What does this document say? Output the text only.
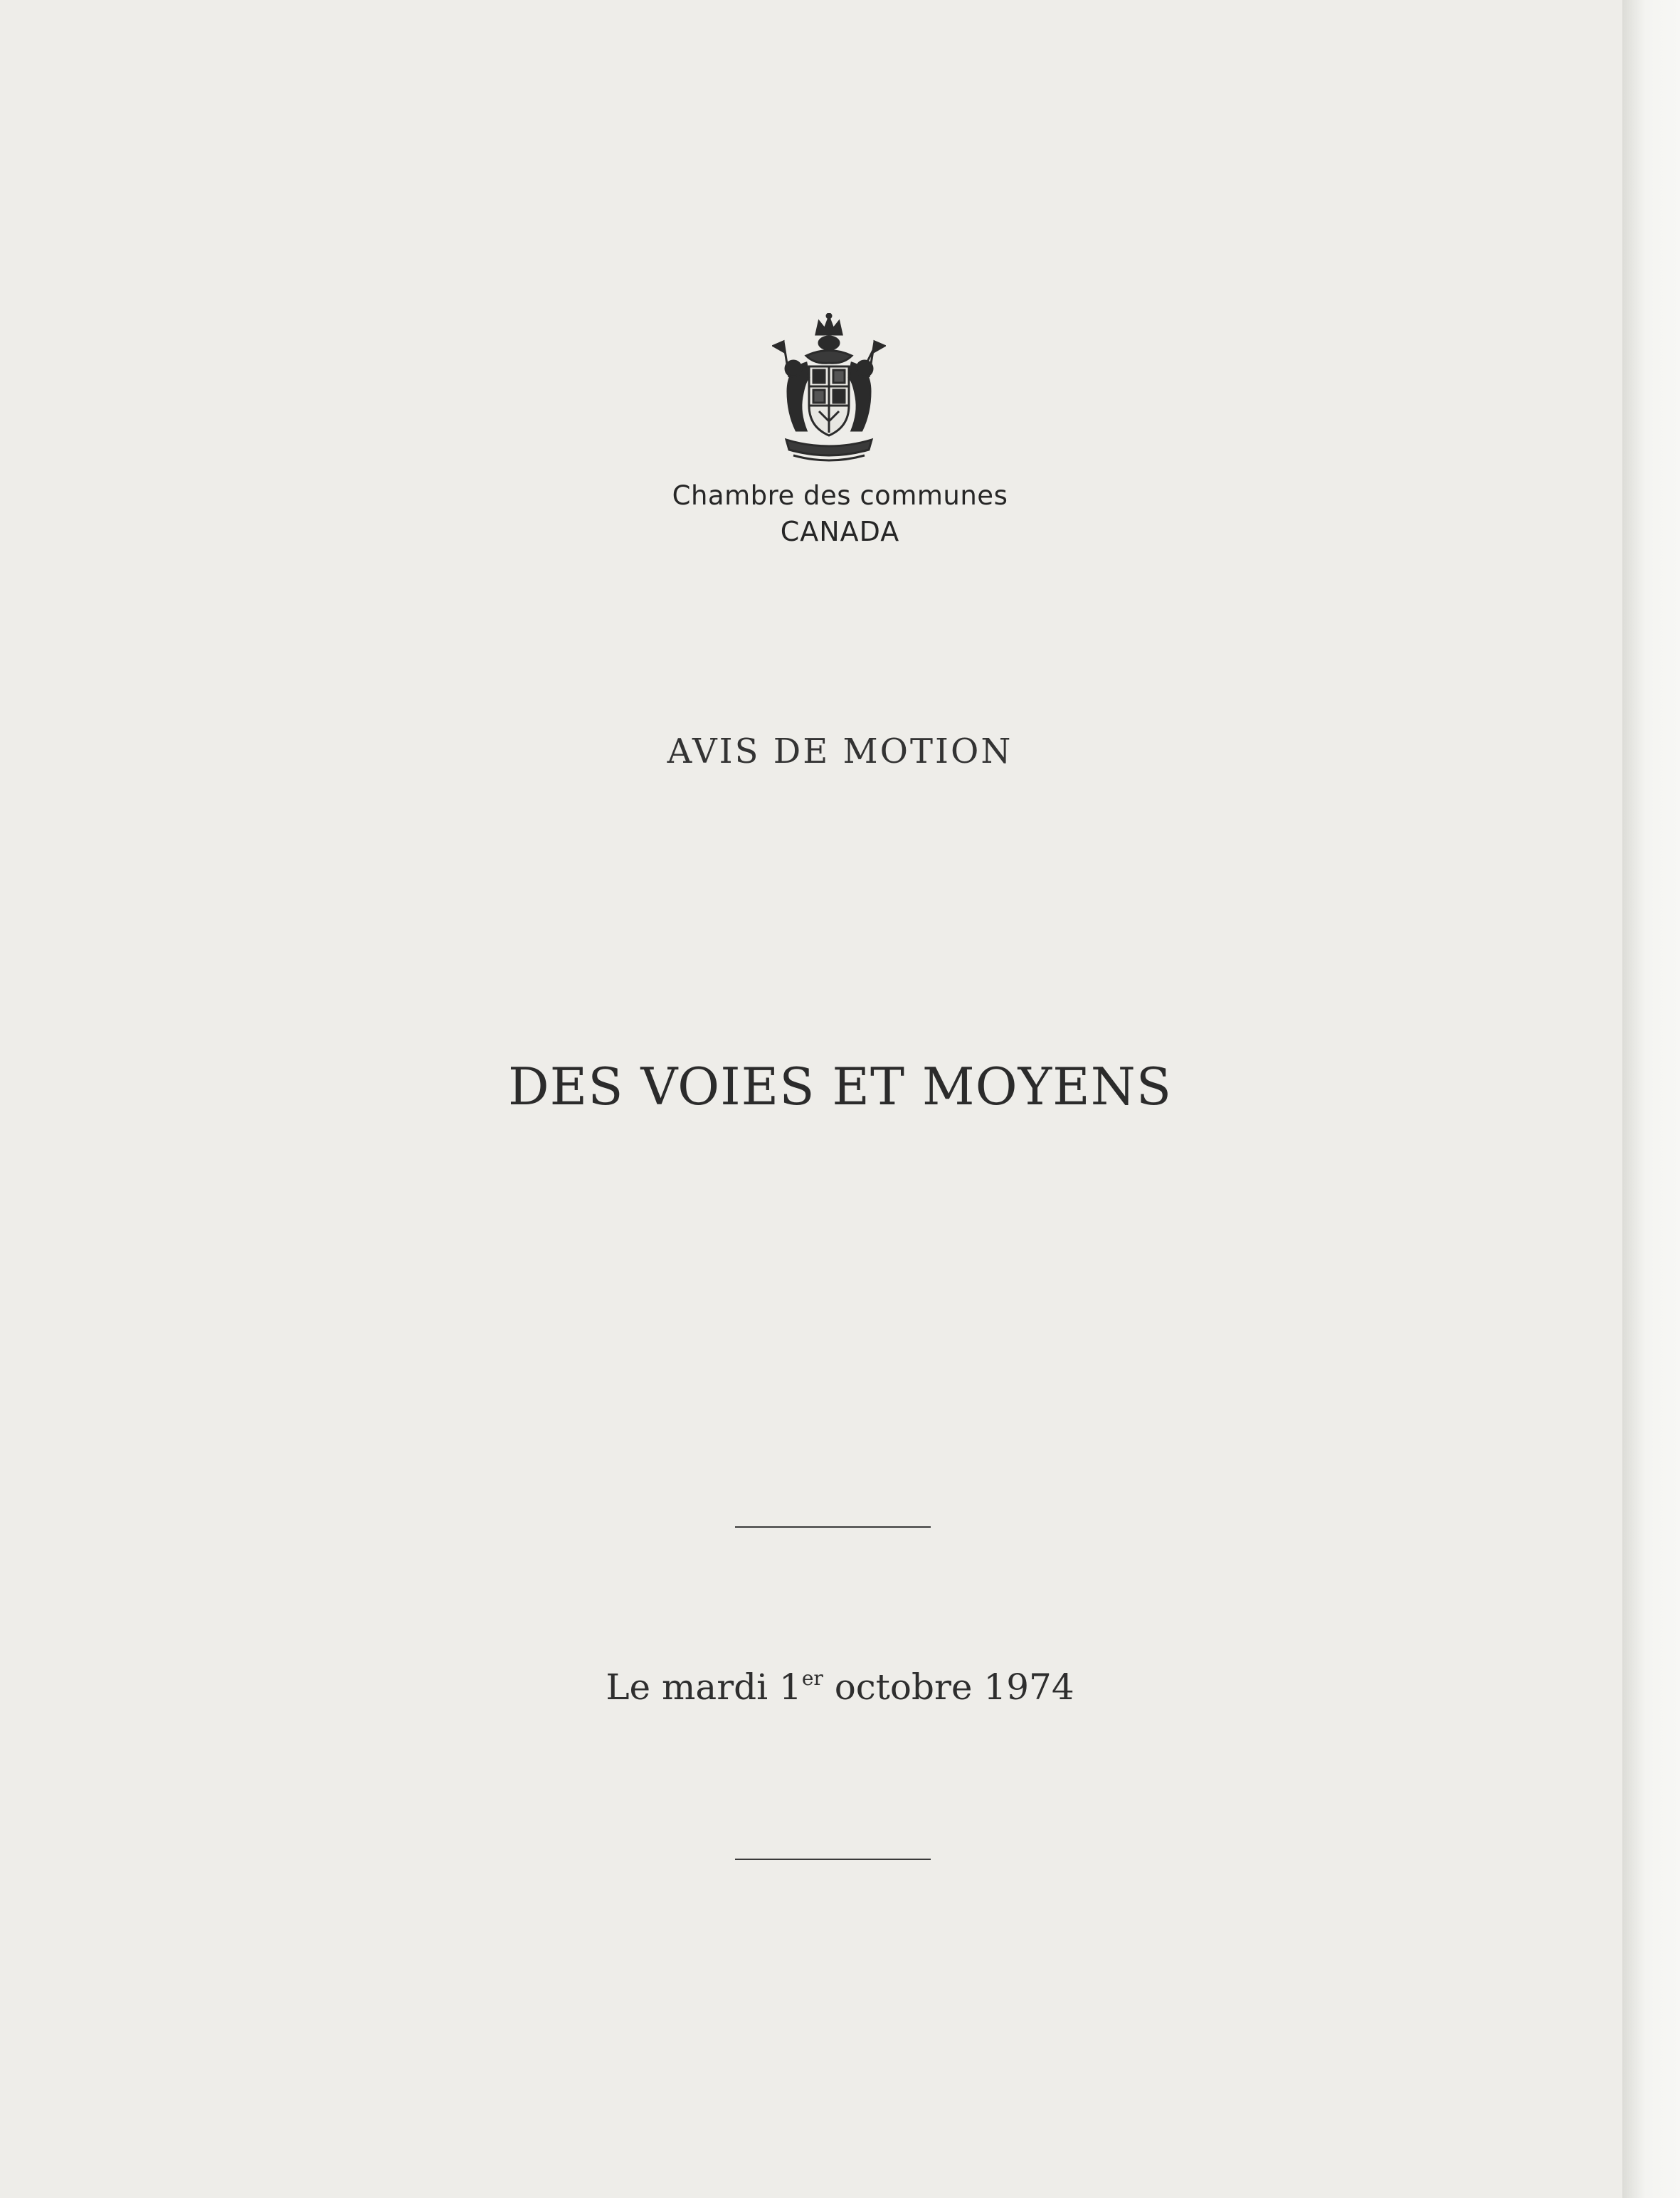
Chambre des communes
CANADA
AVIS DE MOTION
DES VOIES ET MOYENS
Le mardi 1er octobre 1974
